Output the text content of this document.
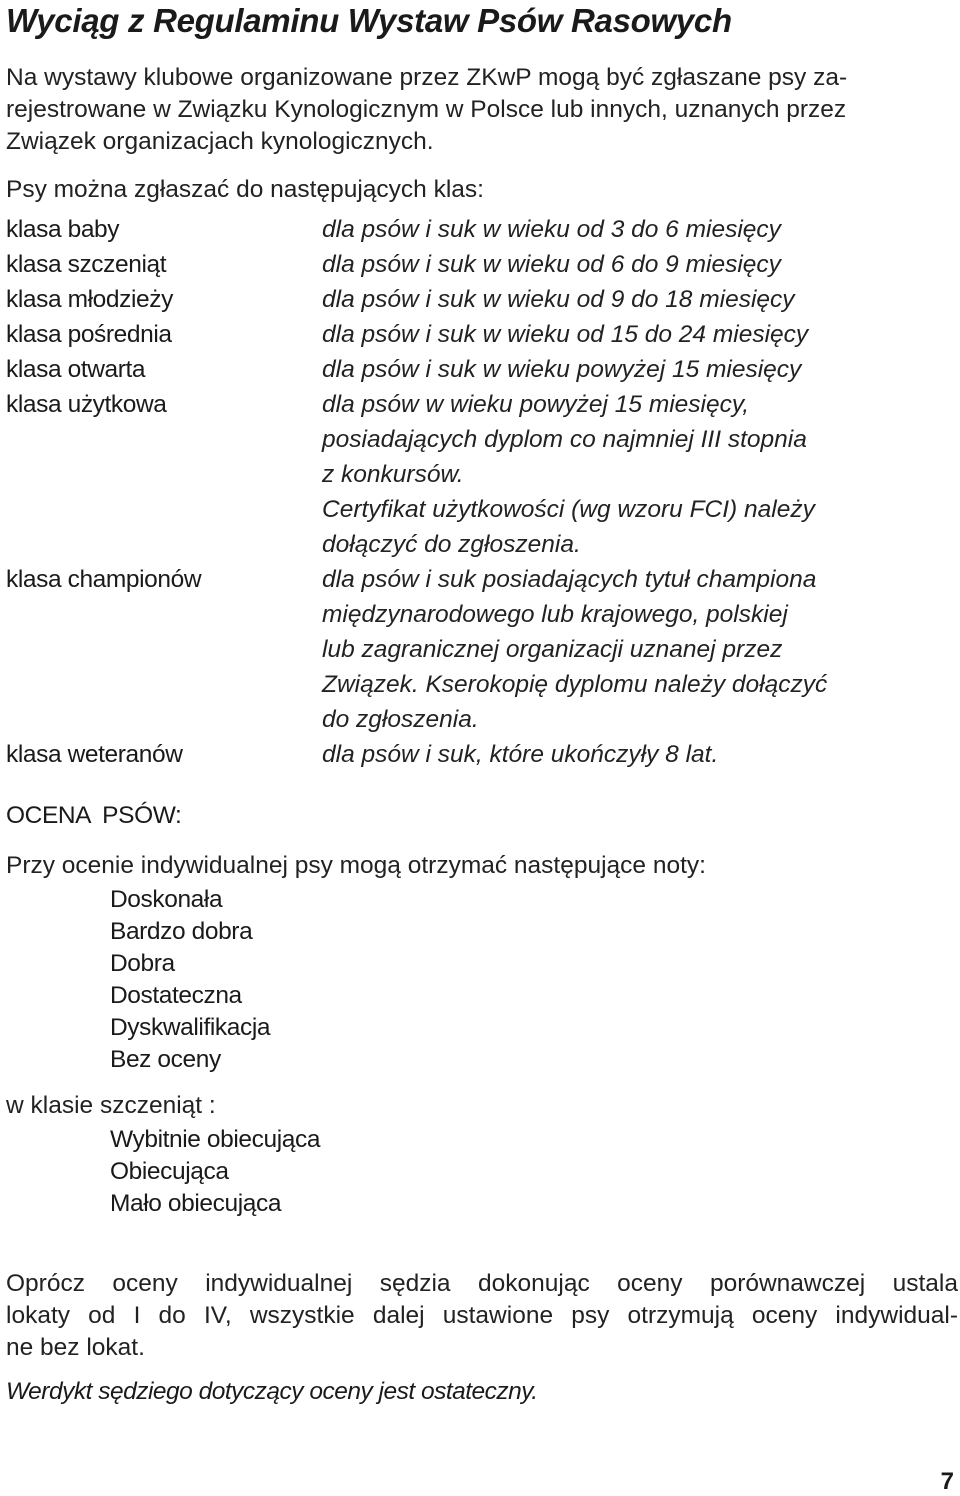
Wyciąg z Regulaminu Wystaw Psów Rasowych

Na wystawy klubowe organizowane przez ZKwP mogą być zgłaszane psy za-
rejestrowane w Związku Kynologicznym w Polsce lub innych, uznanych przez
Związek organizacjach kynologicznych.

Psy można zgłaszać do następujących klas:

klasa baby	dla psów i suk w wieku od 3 do 6 miesięcy
klasa szczeniąt	dla psów i suk w wieku od 6 do 9 miesięcy
klasa młodzieży	dla psów i suk w wieku od 9 do 18 miesięcy
klasa pośrednia	dla psów i suk w wieku od 15 do 24 miesięcy
klasa otwarta	dla psów i suk w wieku powyżej 15 miesięcy
klasa użytkowa	dla psów w wieku powyżej 15 miesięcy,
posiadających dyplom co najmniej III stopnia
z konkursów.
Certyfikat użytkowości (wg wzoru FCI) należy
dołączyć do zgłoszenia.
klasa championów	dla psów i suk posiadających tytuł championa
międzynarodowego lub krajowego, polskiej
lub zagranicznej organizacji uznanej przez
Związek. Kserokopię dyplomu należy dołączyć
do zgłoszenia.
klasa weteranów	dla psów i suk, które ukończyły 8 lat.

OCENA PSÓW:

Przy ocenie indywidualnej psy mogą otrzymać następujące noty:

Doskonała
Bardzo dobra
Dobra
Dostateczna
Dyskwalifikacja
Bez oceny

w klasie szczeniąt :

Wybitnie obiecująca
Obiecująca
Mało obiecująca

Oprócz oceny indywidualnej sędzia dokonując oceny porównawczej ustala
lokaty od I do IV, wszystkie dalej ustawione psy otrzymują oceny indywidual-
ne bez lokat.

Werdykt sędziego dotyczący oceny jest ostateczny.

7
